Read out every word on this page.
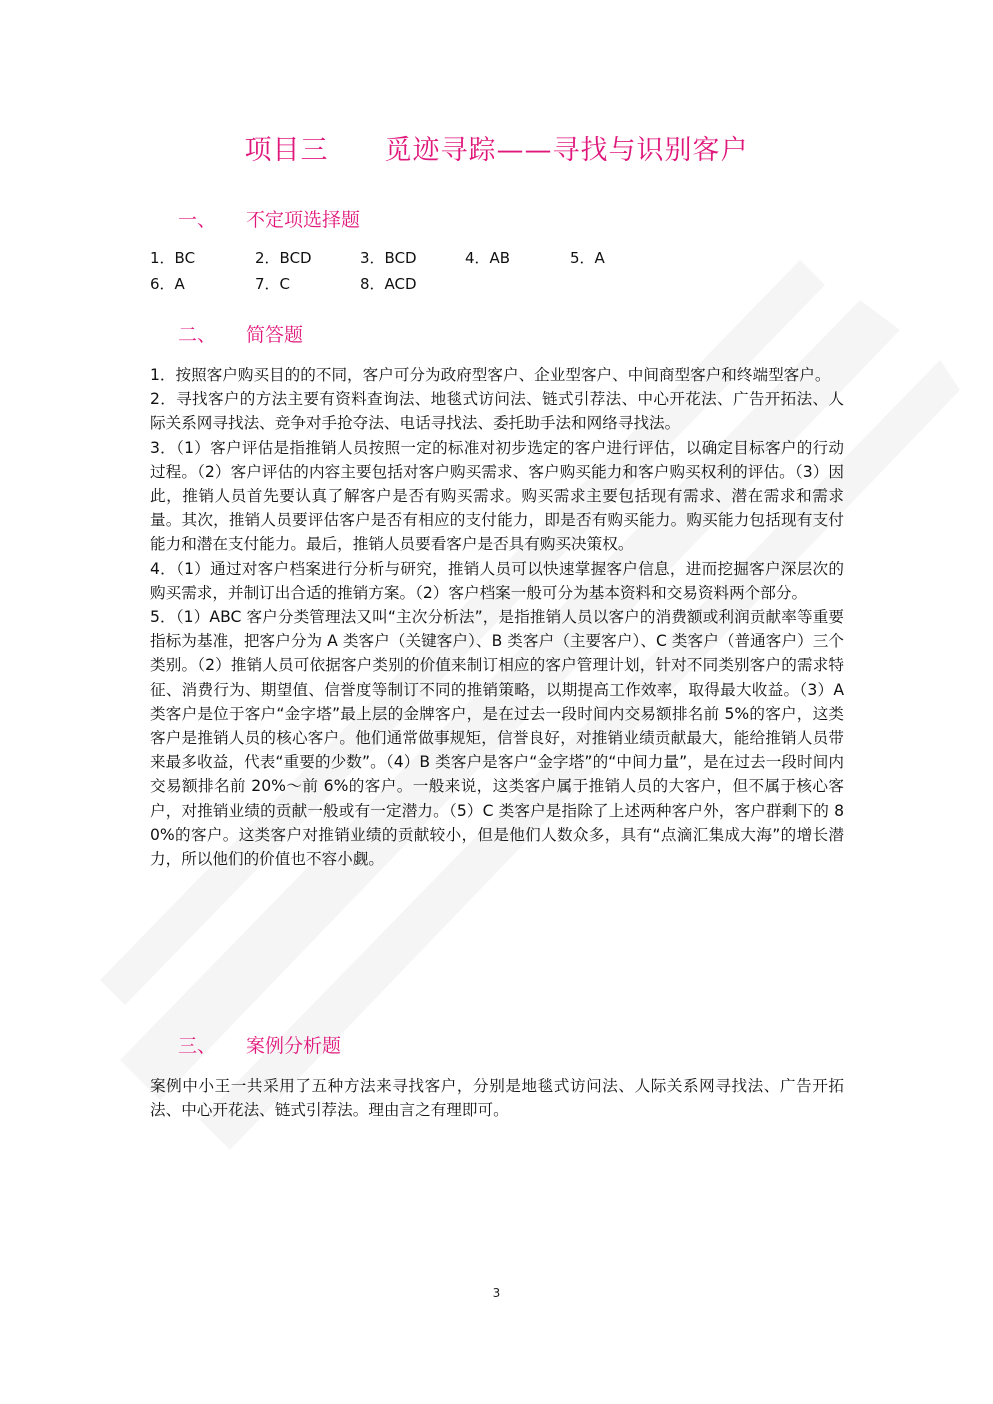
项目三　　觅迹寻踪——寻找与识别客户
一、 不定项选择题
1．BC	2．BCD	3．BCD	4．AB	5．A
6．A	7．C	8．ACD
二、 简答题

1．按照客户购买目的的不同，客户可分为政府型客户、企业型客户、中间商型客户和终端型客户。

2．寻找客户的方法主要有资料查询法、地毯式访问法、链式引荐法、中心开花法、广告开拓法、人际关系网寻找法、竞争对手抢夺法、电话寻找法、委托助手法和网络寻找法。

3．（1）客户评估是指推销人员按照一定的标准对初步选定的客户进行评估，以确定目标客户的行动过程。（2）客户评估的内容主要包括对客户购买需求、客户购买能力和客户购买权利的评估。（3）因此，推销人员首先要认真了解客户是否有购买需求。购买需求主要包括现有需求、潜在需求和需求量。其次，推销人员要评估客户是否有相应的支付能力，即是否有购买能力。购买能力包括现有支付能力和潜在支付能力。最后，推销人员要看客户是否具有购买决策权。

4．（1）通过对客户档案进行分析与研究，推销人员可以快速掌握客户信息，进而挖掘客户深层次的购买需求，并制订出合适的推销方案。（2）客户档案一般可分为基本资料和交易资料两个部分。

5．（1）ABC 客户分类管理法又叫“主次分析法”，是指推销人员以客户的消费额或利润贡献率等重要指标为基准，把客户分为 A 类客户（关键客户）、B 类客户（主要客户）、C 类客户（普通客户）三个类别。（2）推销人员可依据客户类别的价值来制订相应的客户管理计划，针对不同类别客户的需求特征、消费行为、期望值、信誉度等制订不同的推销策略，以期提高工作效率，取得最大收益。（3）A 类客户是位于客户“金字塔”最上层的金牌客户，是在过去一段时间内交易额排名前 5%的客户，这类客户是推销人员的核心客户。他们通常做事规矩，信誉良好，对推销业绩贡献最大，能给推销人员带来最多收益，代表“重要的少数”。（4）B 类客户是客户“金字塔”的“中间力量”，是在过去一段时间内交易额排名前 20%～前 6%的客户。一般来说，这类客户属于推销人员的大客户，但不属于核心客户，对推销业绩的贡献一般或有一定潜力。（5）C 类客户是指除了上述两种客户外，客户群剩下的 80%的客户。这类客户对推销业绩的贡献较小，但是他们人数众多，具有“点滴汇集成大海”的增长潜力，所以他们的价值也不容小觑。

三、 案例分析题

案例中小王一共采用了五种方法来寻找客户，分别是地毯式访问法、人际关系网寻找法、广告开拓法、中心开花法、链式引荐法。理由言之有理即可。

3
